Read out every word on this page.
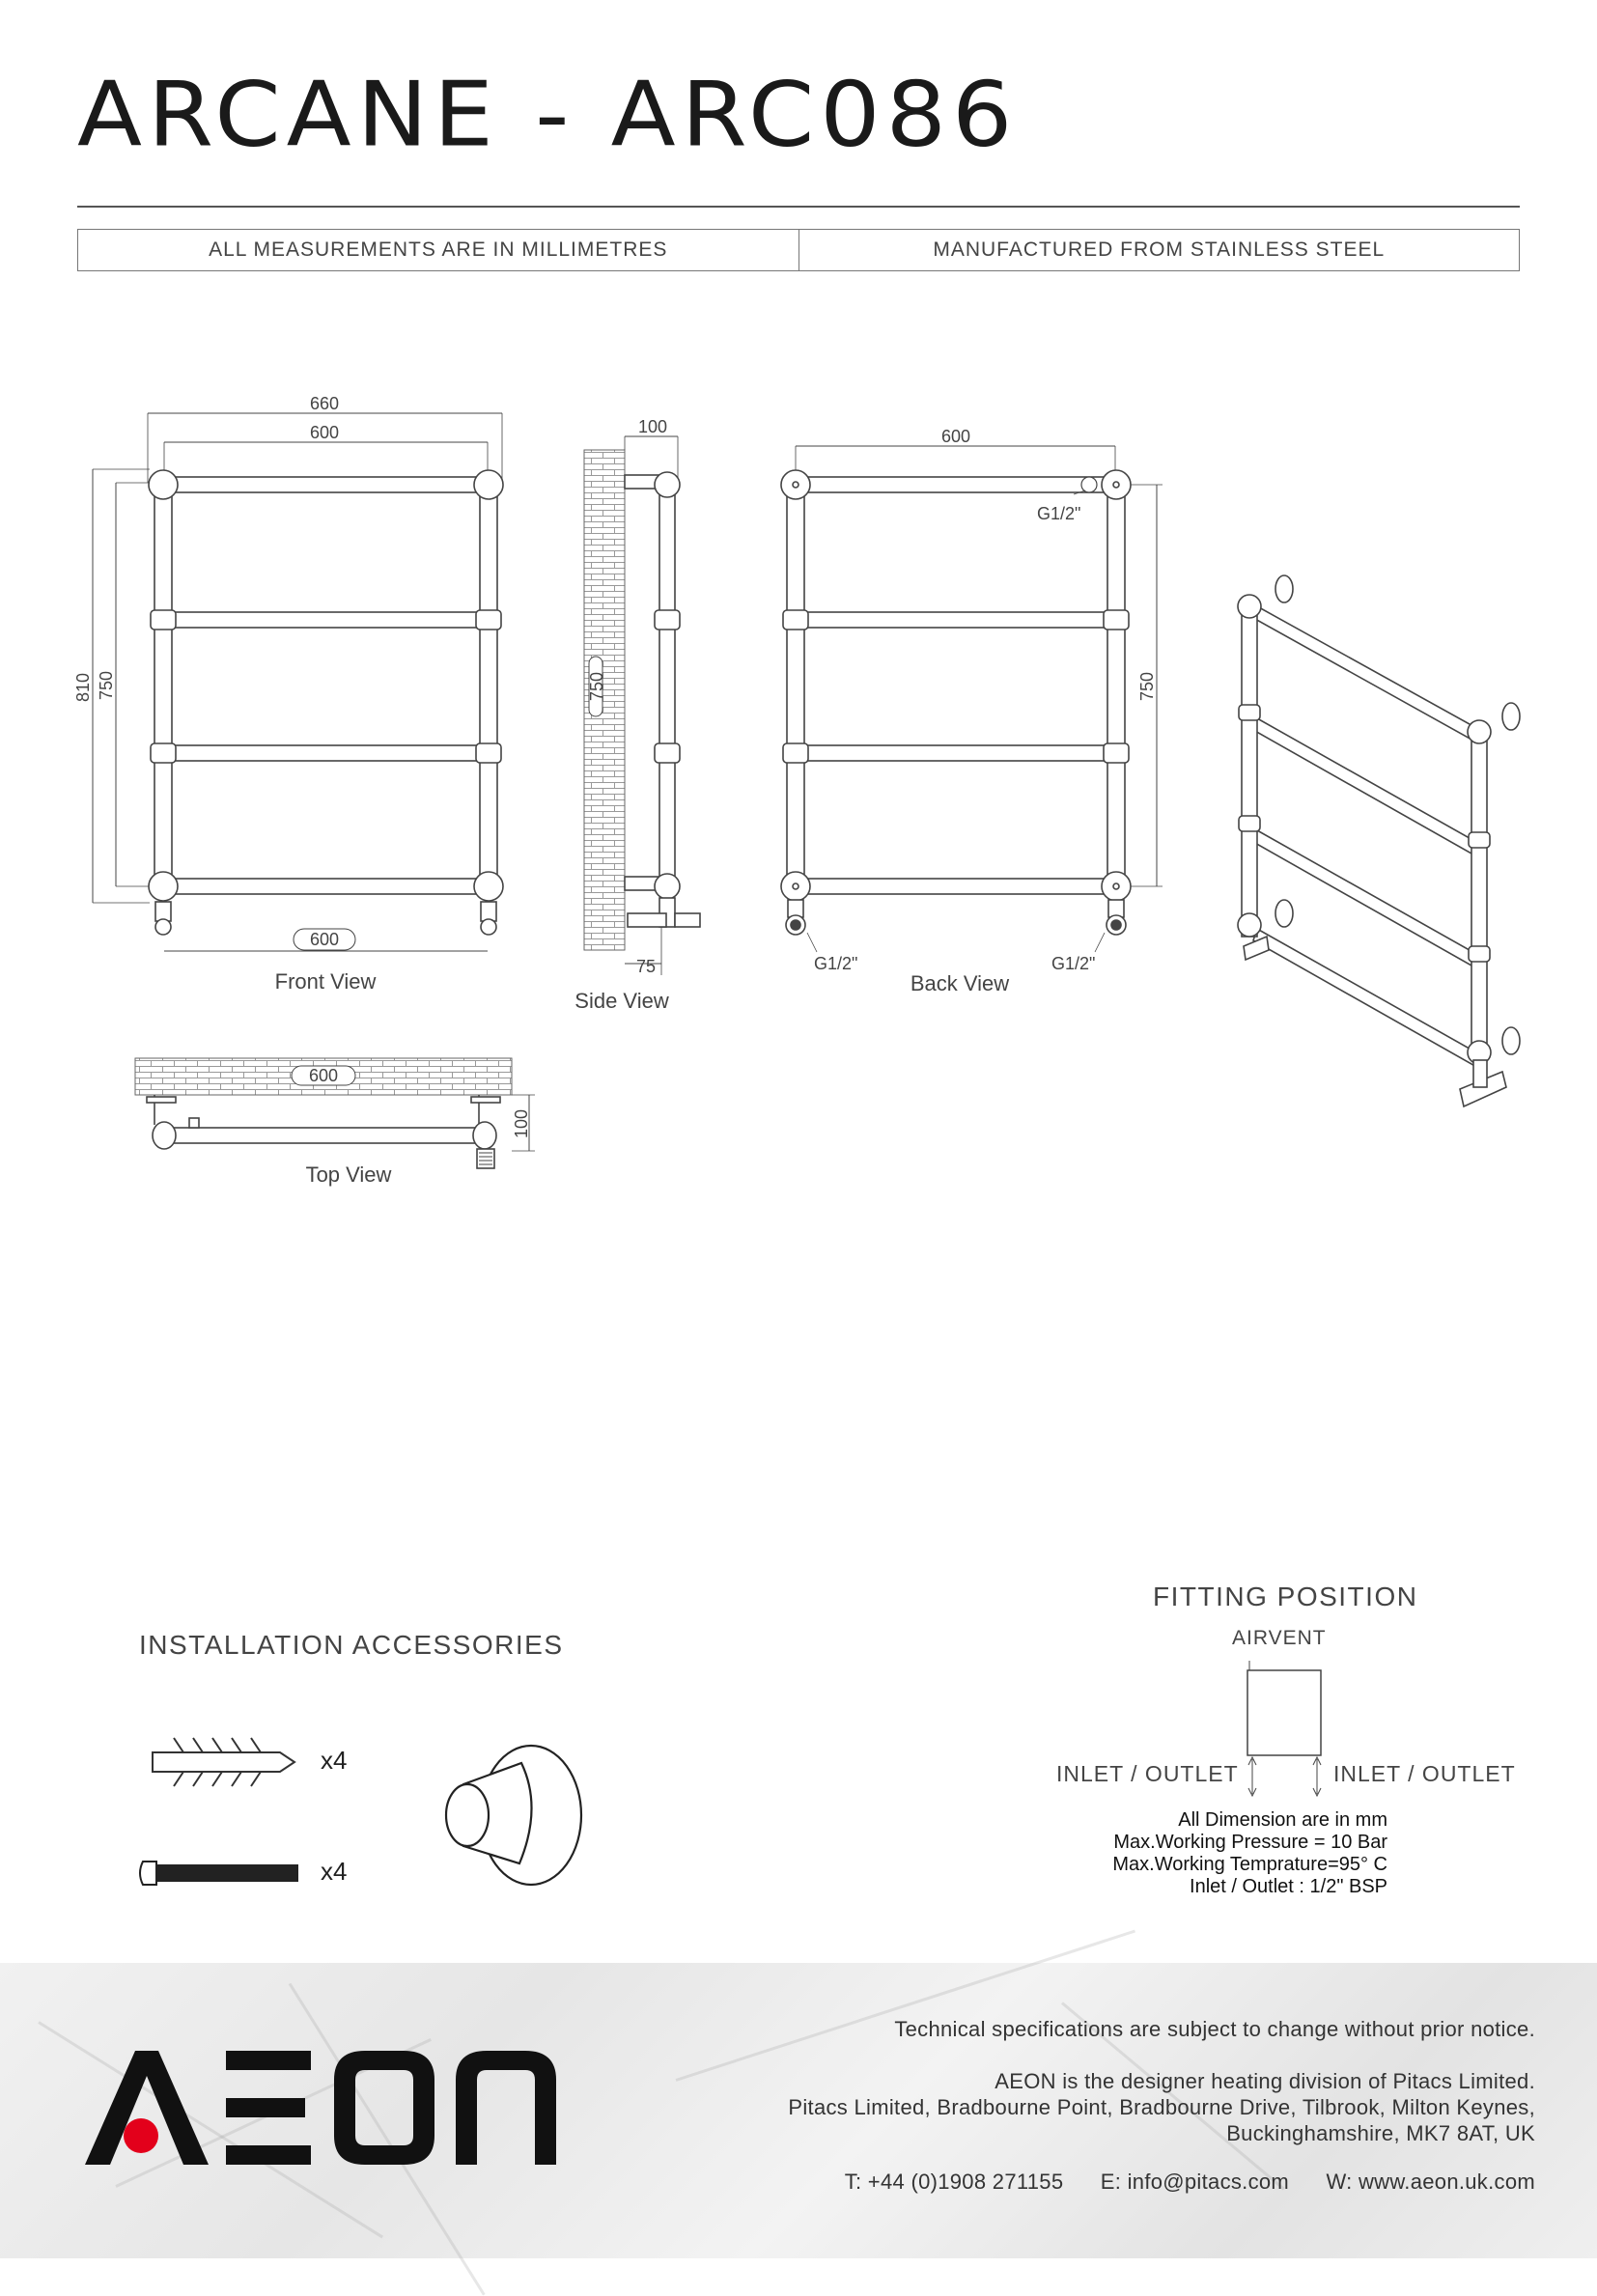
ARCANE - ARC086
ALL MEASUREMENTS ARE IN MILLIMETRES	MANUFACTURED FROM STAINLESS STEEL
660
600
810 750
600
Front View
100
750
75
Side View
600
750
G1/2"
G1/2"	G1/2"
Back View
600
100
Top View
INSTALLATION ACCESSORIES
x4
x4
FITTING POSITION
AIRVENT
INLET / OUTLET	INLET / OUTLET
All Dimension are in mm
Max.Working Pressure = 10 Bar
Max.Working Temprature=95° C
Inlet / Outlet : 1/2" BSP
AEON
Technical specifications are subject to change without prior notice.
AEON is the designer heating division of Pitacs Limited.
Pitacs Limited, Bradbourne Point, Bradbourne Drive, Tilbrook, Milton Keynes,
Buckinghamshire, MK7 8AT, UK
T: +44 (0)1908 271155 E: info@pitacs.com W: www.aeon.uk.com
